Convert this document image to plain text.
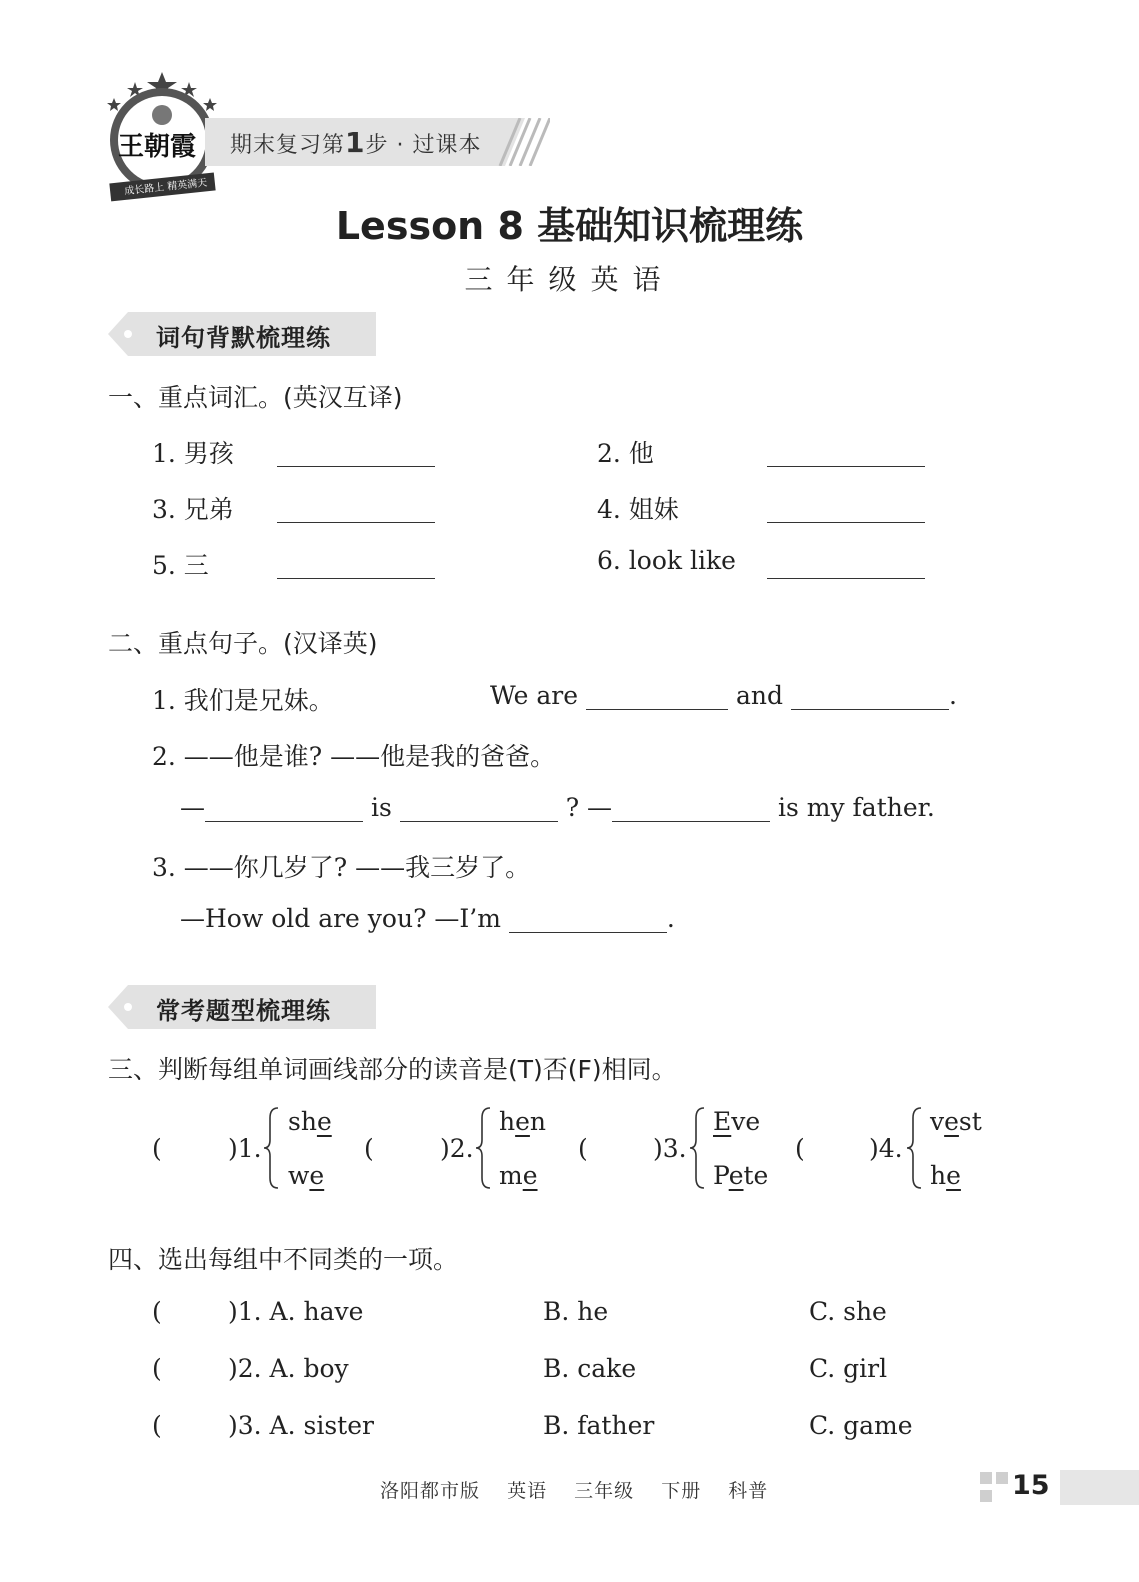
王朝霞
成长路上 精英满天
期末复习第1步 · 过课本
Lesson 8 基础知识梳理练
三年级英语
词句背默梳理练
一、重点词汇。(英汉互译)
1. 男孩	2. 他
3. 兄弟	4. 姐妹
5. 三	6. look like
二、重点句子。(汉译英)
1. 我们是兄妹。	We are	and	.
2. ——他是谁? ——他是我的爸爸。
—	is	? —	is my father.
3. ——你几岁了? ——我三岁了。
—How old are you? —I’m	.
常考题型梳理练
三、判断每组单词画线部分的读音是(T)否(F)相同。
(	)1.
she
we
(	)2.
hen
me
(	)3.
Eve
Pete
(	)4.
vest
he
四、选出每组中不同类的一项。
(	)1. A. have	B. he	C. she
(	)2. A. boy	B. cake	C. girl
(	)3. A. sister	B. father	C. game
洛阳都市版 英语 三年级 下册 科普	15
